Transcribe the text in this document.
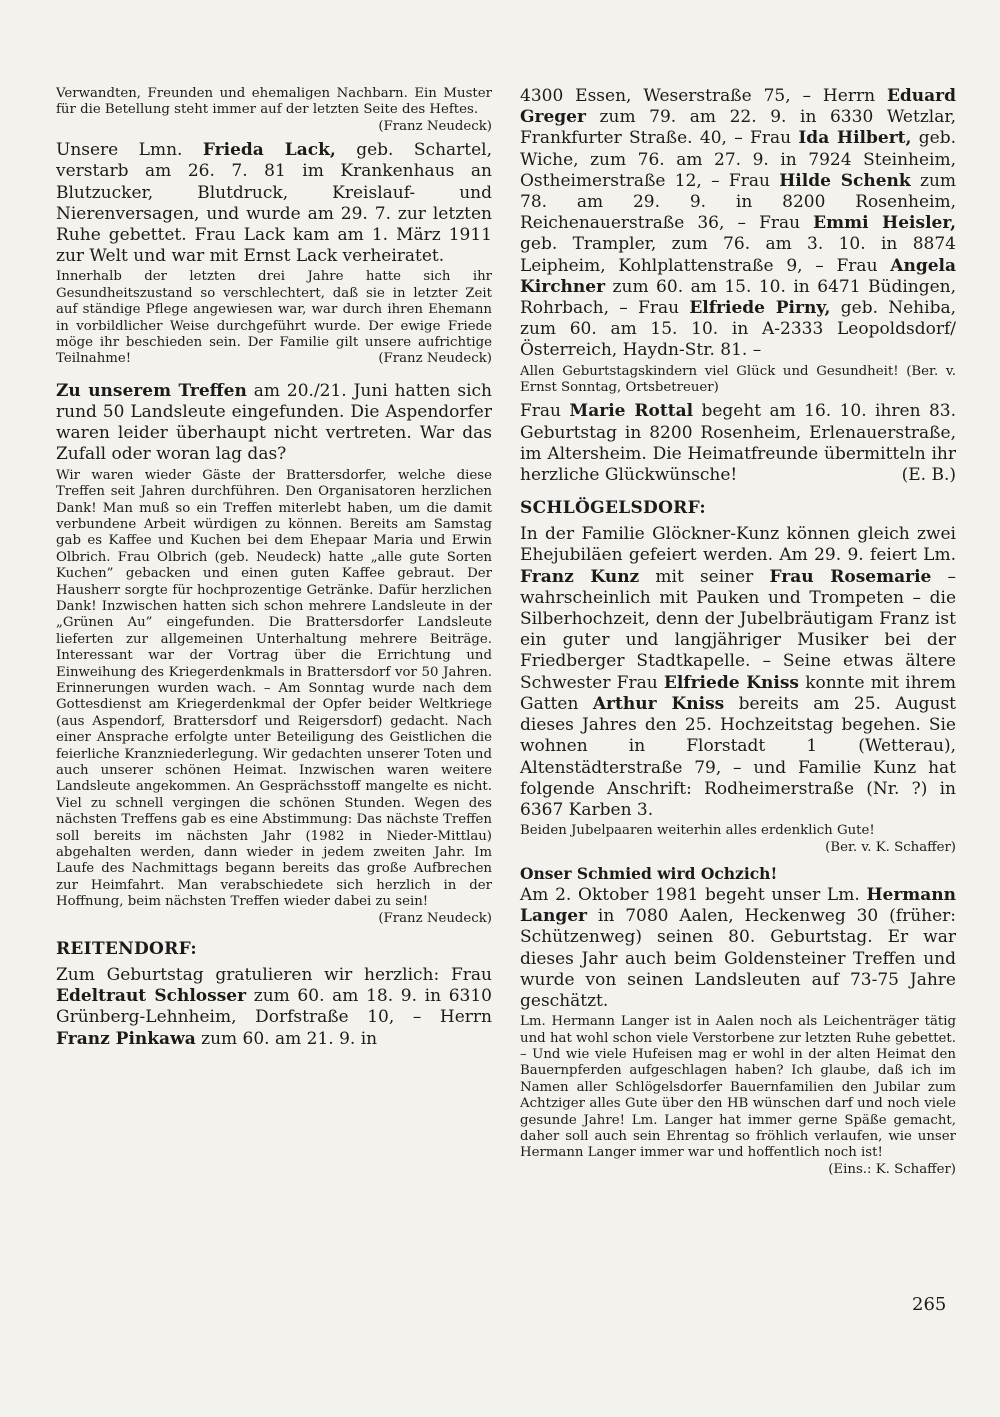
Verwandten, Freunden und ehemaligen Nachbarn. Ein Muster für die Betellung steht immer auf der letzten Seite des Heftes.
(Franz Neudeck)

Unsere Lmn. Frieda Lack, geb. Schartel, verstarb am 26. 7. 81 im Krankenhaus an Blutzucker, Blutdruck, Kreislauf- und Nierenversagen, und wurde am 29. 7. zur letzten Ruhe gebettet. Frau Lack kam am 1. März 1911 zur Welt und war mit Ernst Lack verheiratet.

Innerhalb der letzten drei Jahre hatte sich ihr Gesundheitszustand so verschlechtert, daß sie in letzter Zeit auf ständige Pflege angewiesen war, war durch ihren Ehemann in vorbildlicher Weise durchgeführt wurde. Der ewige Friede möge ihr beschieden sein. Der Familie gilt unsere aufrichtige Teilnahme!	(Franz Neudeck)

Zu unserem Treffen am 20./21. Juni hatten sich rund 50 Landsleute eingefunden. Die Aspendorfer waren leider überhaupt nicht vertreten. War das Zufall oder woran lag das?

Wir waren wieder Gäste der Brattersdorfer, welche diese Treffen seit Jahren durchführen. Den Organisatoren herzlichen Dank! Man muß so ein Treffen miterlebt haben, um die damit verbundene Arbeit würdigen zu können. Bereits am Samstag gab es Kaffee und Kuchen bei dem Ehepaar Maria und Erwin Olbrich. Frau Olbrich (geb. Neudeck) hatte „alle gute Sorten Kuchen” gebacken und einen guten Kaffee gebraut. Der Hausherr sorgte für hochprozentige Getränke. Dafür herzlichen Dank! Inzwischen hatten sich schon mehrere Landsleute in der „Grünen Au” eingefunden. Die Brattersdorfer Landsleute lieferten zur allgemeinen Unterhaltung mehrere Beiträge. Interessant war der Vortrag über die Errichtung und Einweihung des Kriegerdenkmals in Brattersdorf vor 50 Jahren. Erinnerungen wurden wach. – Am Sonntag wurde nach dem Gottesdienst am Kriegerdenkmal der Opfer beider Weltkriege (aus Aspendorf, Brattersdorf und Reigersdorf) gedacht. Nach einer Ansprache erfolgte unter Beteiligung des Geistlichen die feierliche Kranzniederlegung. Wir gedachten unserer Toten und auch unserer schönen Heimat. Inzwischen waren weitere Landsleute angekommen. An Gesprächsstoff mangelte es nicht. Viel zu schnell vergingen die schönen Stunden. Wegen des nächsten Treffens gab es eine Abstimmung: Das nächste Treffen soll bereits im nächsten Jahr (1982 in Nieder-Mittlau) abgehalten werden, dann wieder in jedem zweiten Jahr. Im Laufe des Nachmittags begann bereits das große Aufbrechen zur Heimfahrt. Man verabschiedete sich herzlich in der Hoffnung, beim nächsten Treffen wieder dabei zu sein!
(Franz Neudeck)

REITENDORF:

Zum Geburtstag gratulieren wir herzlich: Frau Edeltraut Schlosser zum 60. am 18. 9. in 6310 Grünberg-Lehnheim, Dorfstraße 10, – Herrn Franz Pinkawa zum 60. am 21. 9. in

4300 Essen, Weserstraße 75, – Herrn Eduard Greger zum 79. am 22. 9. in 6330 Wetzlar, Frankfurter Straße. 40, – Frau Ida Hilbert, geb. Wiche, zum 76. am 27. 9. in 7924 Steinheim, Ostheimerstraße 12, – Frau Hilde Schenk zum 78. am 29. 9. in 8200 Rosenheim, Reichenauerstraße 36, – Frau Emmi Heisler, geb. Trampler, zum 76. am 3. 10. in 8874 Leipheim, Kohlplattenstraße 9, – Frau Angela Kirchner zum 60. am 15. 10. in 6471 Büdingen, Rohrbach, – Frau Elfriede Pirny, geb. Nehiba, zum 60. am 15. 10. in A-2333 Leopoldsdorf/Österreich, Haydn-Str. 81. –

Allen Geburtstagskindern viel Glück und Gesundheit! (Ber. v. Ernst Sonntag, Ortsbetreuer)

Frau Marie Rottal begeht am 16. 10. ihren 83. Geburtstag in 8200 Rosenheim, Erlenauerstraße, im Altersheim. Die Heimatfreunde übermitteln ihr herzliche Glückwünsche!	(E. B.)

SCHLÖGELSDORF:

In der Familie Glöckner-Kunz können gleich zwei Ehejubiläen gefeiert werden. Am 29. 9. feiert Lm. Franz Kunz mit seiner Frau Rosemarie – wahrscheinlich mit Pauken und Trompeten – die Silberhochzeit, denn der Jubelbräutigam Franz ist ein guter und langjähriger Musiker bei der Friedberger Stadtkapelle. – Seine etwas ältere Schwester Frau Elfriede Kniss konnte mit ihrem Gatten Arthur Kniss bereits am 25. August dieses Jahres den 25. Hochzeitstag begehen. Sie wohnen in Florstadt 1 (Wetterau), Altenstädterstraße 79, – und Familie Kunz hat folgende Anschrift: Rodheimerstraße (Nr. ?) in 6367 Karben 3.

Beiden Jubelpaaren weiterhin alles erdenklich Gute!
(Ber. v. K. Schaffer)

Onser Schmied wird Ochzich!

Am 2. Oktober 1981 begeht unser Lm. Hermann Langer in 7080 Aalen, Heckenweg 30 (früher: Schützenweg) seinen 80. Geburtstag. Er war dieses Jahr auch beim Goldensteiner Treffen und wurde von seinen Landsleuten auf 73-75 Jahre geschätzt.

Lm. Hermann Langer ist in Aalen noch als Leichenträger tätig und hat wohl schon viele Verstorbene zur letzten Ruhe gebettet. – Und wie viele Hufeisen mag er wohl in der alten Heimat den Bauernpferden aufgeschlagen haben? Ich glaube, daß ich im Namen aller Schlögelsdorfer Bauernfamilien den Jubilar zum Achtziger alles Gute über den HB wünschen darf und noch viele gesunde Jahre! Lm. Langer hat immer gerne Späße gemacht, daher soll auch sein Ehrentag so fröhlich verlaufen, wie unser Hermann Langer immer war und hoffentlich noch ist!
(Eins.: K. Schaffer)

265
